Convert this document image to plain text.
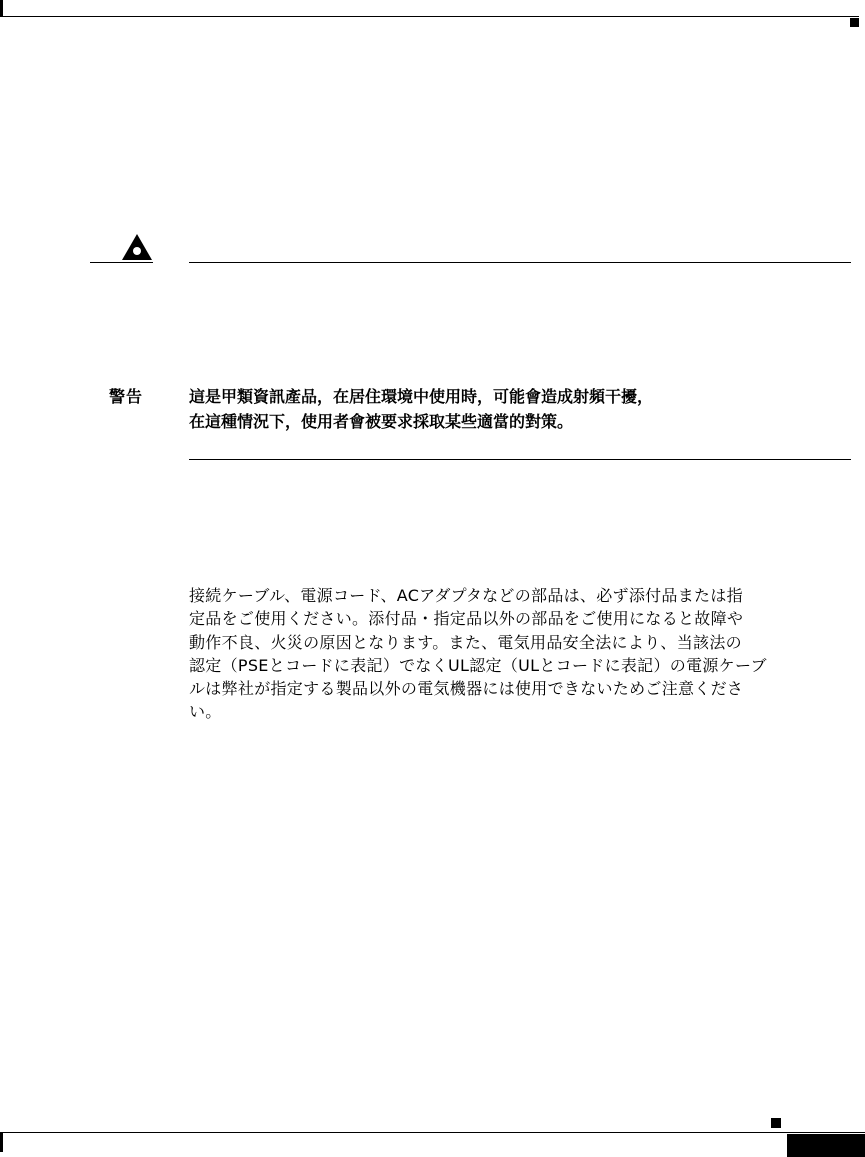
警告	這是甲類資訊產品，在居住環境中使用時，可能會造成射頻干擾，
在這種情況下，使用者會被要求採取某些適當的對策。
接続ケーブル、電源コード、ACアダプタなどの部品は、必ず添付品または指
定品をご使用ください。添付品・指定品以外の部品をご使用になると故障や
動作不良、火災の原因となります。また、電気用品安全法により、当該法の
認定（PSEとコードに表記）でなくUL認定（ULとコードに表記）の電源ケーブ
ルは弊社が指定する製品以外の電気機器には使用できないためご注意くださ
い。
